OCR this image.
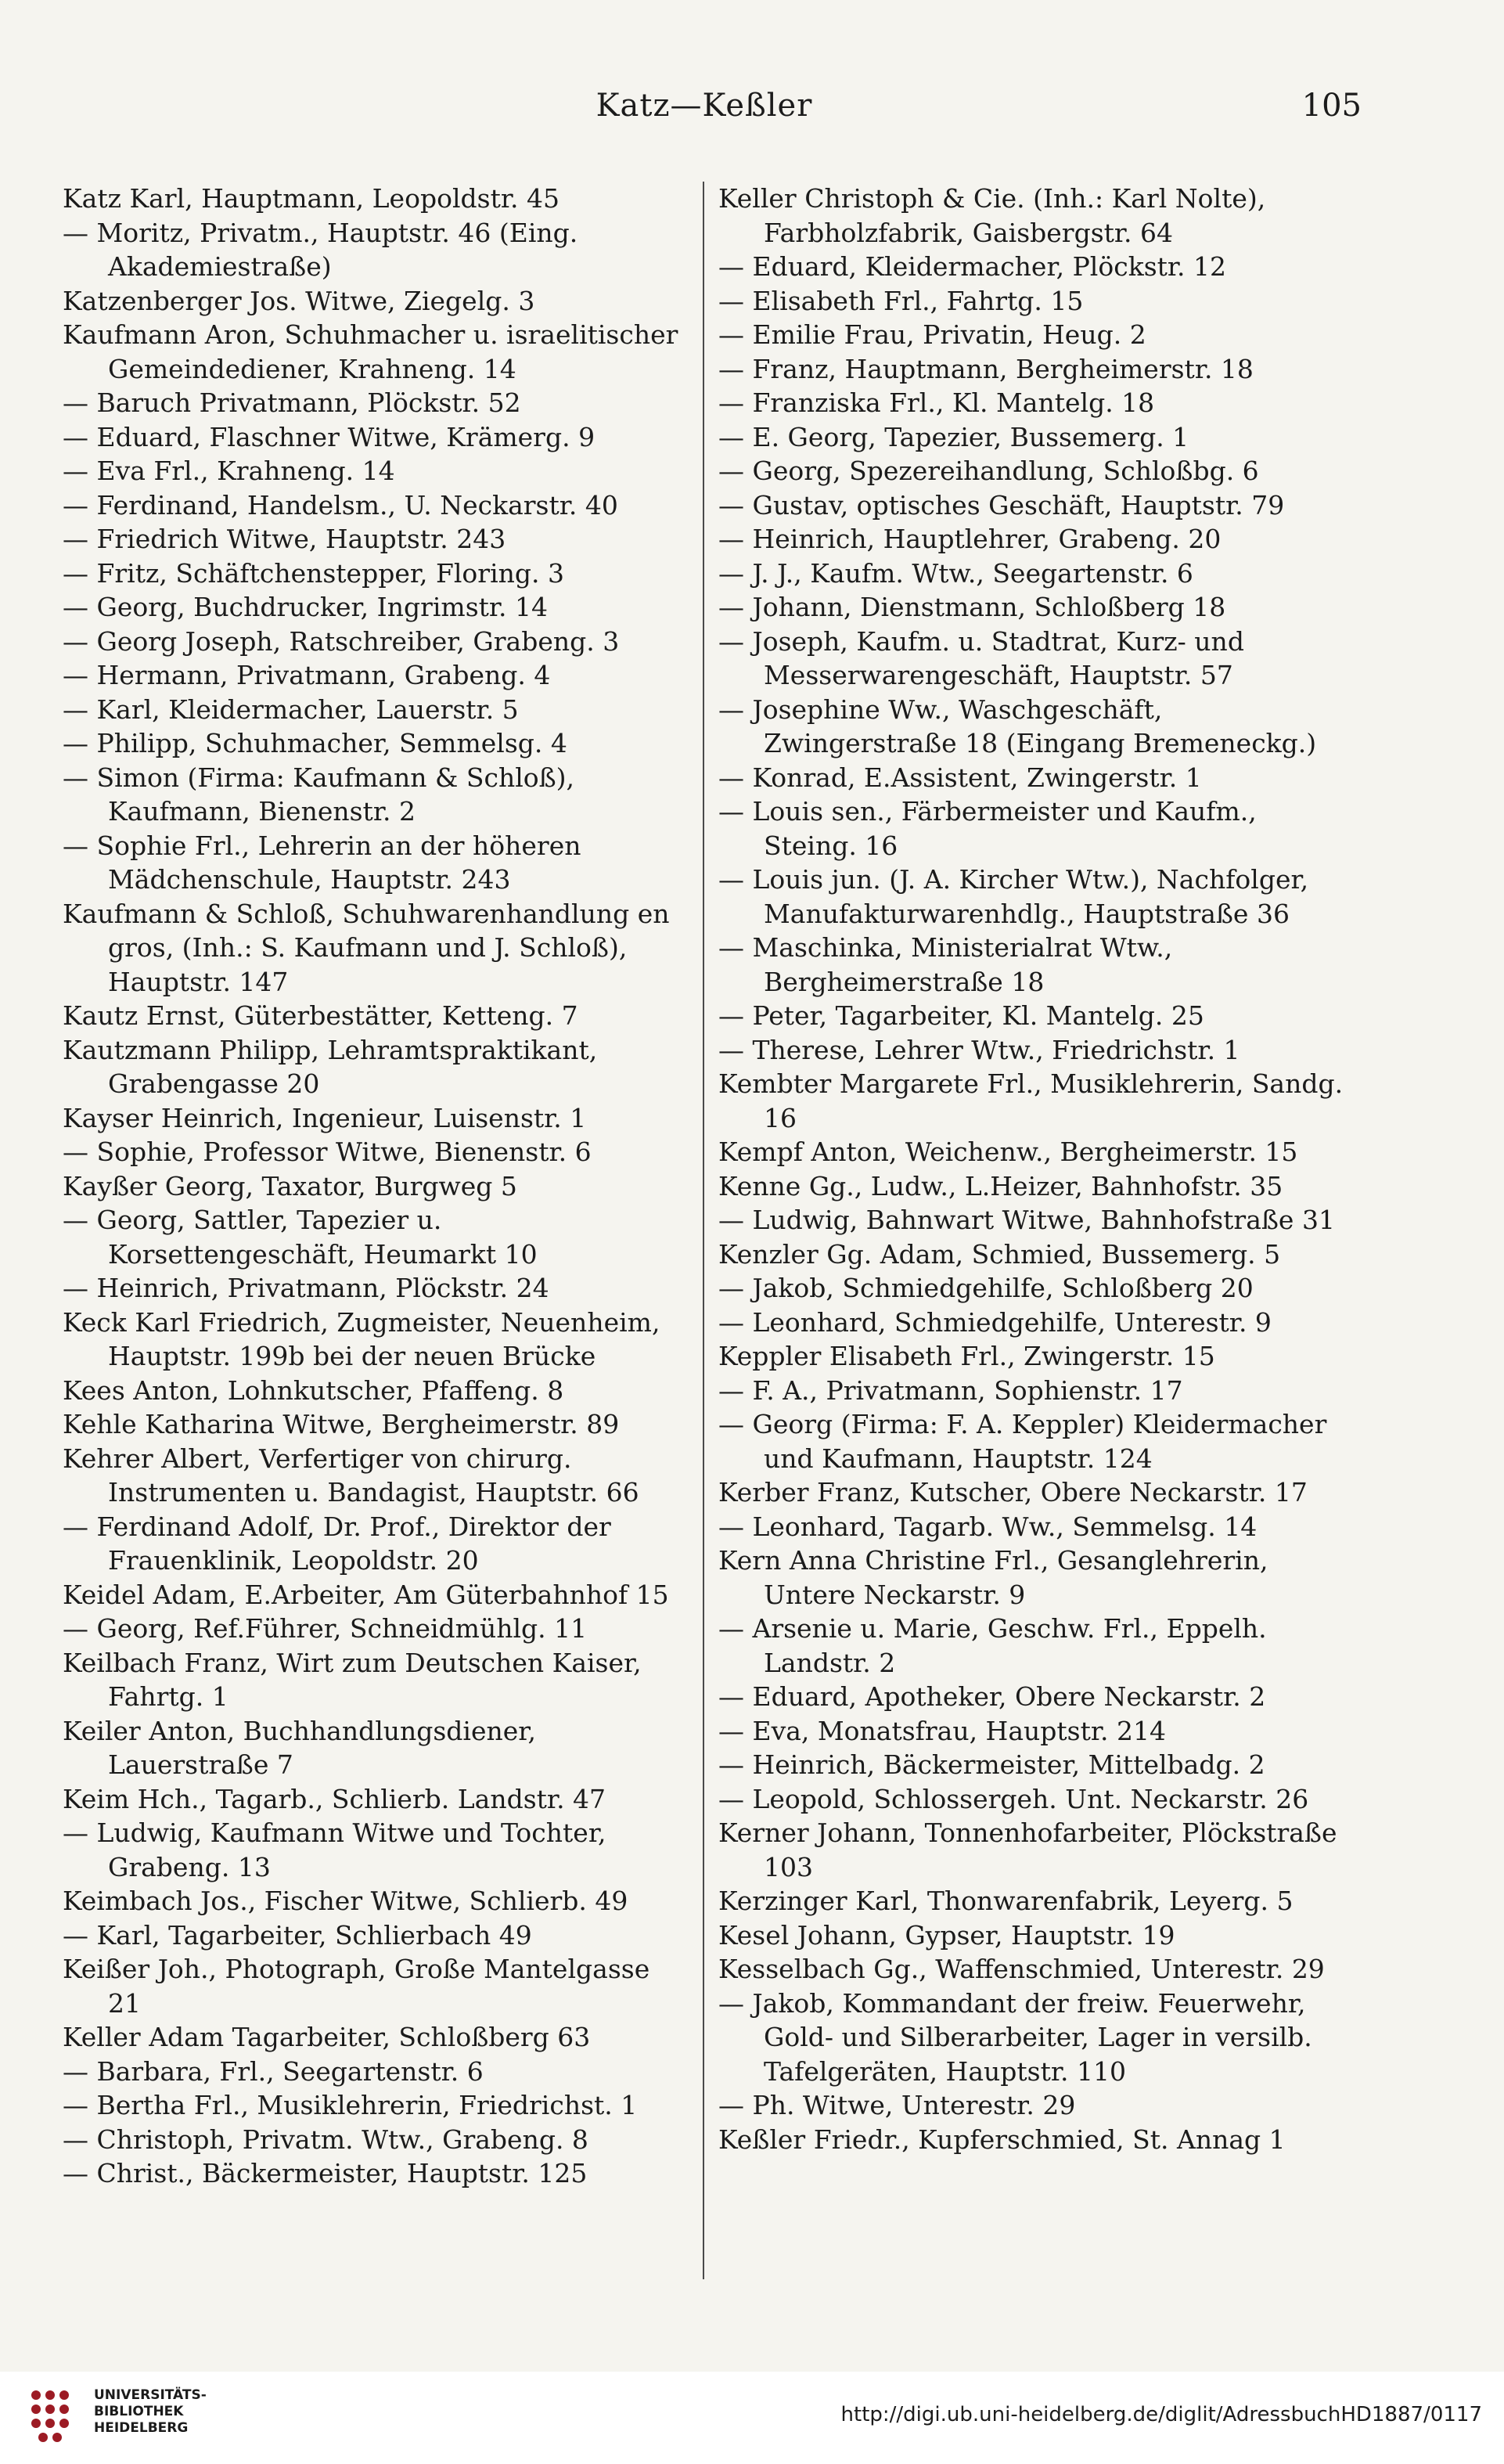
Katz—Keßler	105
Katz Karl, Hauptmann, Leopoldstr. 45
— Moritz, Privatm., Hauptstr. 46 (Eing. Akademiestraße)
Katzenberger Jos. Witwe, Ziegelg. 3
Kaufmann Aron, Schuhmacher u. israelitischer Gemeindediener, Krahneng. 14
— Baruch Privatmann, Plöckstr. 52
— Eduard, Flaschner Witwe, Krämerg. 9
— Eva Frl., Krahneng. 14
— Ferdinand, Handelsm., U. Neckarstr. 40
— Friedrich Witwe, Hauptstr. 243
— Fritz, Schäftchenstepper, Floring. 3
— Georg, Buchdrucker, Ingrimstr. 14
— Georg Joseph, Ratschreiber, Grabeng. 3
— Hermann, Privatmann, Grabeng. 4
— Karl, Kleidermacher, Lauerstr. 5
— Philipp, Schuhmacher, Semmelsg. 4
— Simon (Firma: Kaufmann & Schloß), Kaufmann, Bienenstr. 2
— Sophie Frl., Lehrerin an der höheren Mädchenschule, Hauptstr. 243
Kaufmann & Schloß, Schuhwarenhandlung en gros, (Inh.: S. Kaufmann und J. Schloß), Hauptstr. 147
Kautz Ernst, Güterbestätter, Ketteng. 7
Kautzmann Philipp, Lehramtspraktikant, Grabengasse 20
Kayser Heinrich, Ingenieur, Luisenstr. 1
— Sophie, Professor Witwe, Bienenstr. 6
Kayßer Georg, Taxator, Burgweg 5
— Georg, Sattler, Tapezier u. Korsettengeschäft, Heumarkt 10
— Heinrich, Privatmann, Plöckstr. 24
Keck Karl Friedrich, Zugmeister, Neuenheim, Hauptstr. 199b bei der neuen Brücke
Kees Anton, Lohnkutscher, Pfaffeng. 8
Kehle Katharina Witwe, Bergheimerstr. 89
Kehrer Albert, Verfertiger von chirurg. Instrumenten u. Bandagist, Hauptstr. 66
— Ferdinand Adolf, Dr. Prof., Direktor der Frauenklinik, Leopoldstr. 20
Keidel Adam, E.Arbeiter, Am Güterbahnhof 15
— Georg, Ref.Führer, Schneidmühlg. 11
Keilbach Franz, Wirt zum Deutschen Kaiser, Fahrtg. 1
Keiler Anton, Buchhandlungsdiener, Lauerstraße 7
Keim Hch., Tagarb., Schlierb. Landstr. 47
— Ludwig, Kaufmann Witwe und Tochter, Grabeng. 13
Keimbach Jos., Fischer Witwe, Schlierb. 49
— Karl, Tagarbeiter, Schlierbach 49
Keißer Joh., Photograph, Große Mantelgasse 21
Keller Adam Tagarbeiter, Schloßberg 63
— Barbara, Frl., Seegartenstr. 6
— Bertha Frl., Musiklehrerin, Friedrichst. 1
— Christoph, Privatm. Wtw., Grabeng. 8
— Christ., Bäckermeister, Hauptstr. 125
Keller Christoph & Cie. (Inh.: Karl Nolte), Farbholzfabrik, Gaisbergstr. 64
— Eduard, Kleidermacher, Plöckstr. 12
— Elisabeth Frl., Fahrtg. 15
— Emilie Frau, Privatin, Heug. 2
— Franz, Hauptmann, Bergheimerstr. 18
— Franziska Frl., Kl. Mantelg. 18
— E. Georg, Tapezier, Bussemerg. 1
— Georg, Spezereihandlung, Schloßbg. 6
— Gustav, optisches Geschäft, Hauptstr. 79
— Heinrich, Hauptlehrer, Grabeng. 20
— J. J., Kaufm. Wtw., Seegartenstr. 6
— Johann, Dienstmann, Schloßberg 18
— Joseph, Kaufm. u. Stadtrat, Kurz- und Messerwarengeschäft, Hauptstr. 57
— Josephine Ww., Waschgeschäft, Zwingerstraße 18 (Eingang Bremeneckg.)
— Konrad, E.Assistent, Zwingerstr. 1
— Louis sen., Färbermeister und Kaufm., Steing. 16
— Louis jun. (J. A. Kircher Wtw.), Nachfolger, Manufakturwarenhdlg., Hauptstraße 36
— Maschinka, Ministerialrat Wtw., Bergheimerstraße 18
— Peter, Tagarbeiter, Kl. Mantelg. 25
— Therese, Lehrer Wtw., Friedrichstr. 1
Kembter Margarete Frl., Musiklehrerin, Sandg. 16
Kempf Anton, Weichenw., Bergheimerstr. 15
Kenne Gg., Ludw., L.Heizer, Bahnhofstr. 35
— Ludwig, Bahnwart Witwe, Bahnhofstraße 31
Kenzler Gg. Adam, Schmied, Bussemerg. 5
— Jakob, Schmiedgehilfe, Schloßberg 20
— Leonhard, Schmiedgehilfe, Unterestr. 9
Keppler Elisabeth Frl., Zwingerstr. 15
— F. A., Privatmann, Sophienstr. 17
— Georg (Firma: F. A. Keppler) Kleidermacher und Kaufmann, Hauptstr. 124
Kerber Franz, Kutscher, Obere Neckarstr. 17
— Leonhard, Tagarb. Ww., Semmelsg. 14
Kern Anna Christine Frl., Gesanglehrerin, Untere Neckarstr. 9
— Arsenie u. Marie, Geschw. Frl., Eppelh. Landstr. 2
— Eduard, Apotheker, Obere Neckarstr. 2
— Eva, Monatsfrau, Hauptstr. 214
— Heinrich, Bäckermeister, Mittelbadg. 2
— Leopold, Schlossergeh. Unt. Neckarstr. 26
Kerner Johann, Tonnenhofarbeiter, Plöckstraße 103
Kerzinger Karl, Thonwarenfabrik, Leyerg. 5
Kesel Johann, Gypser, Hauptstr. 19
Kesselbach Gg., Waffenschmied, Unterestr. 29
— Jakob, Kommandant der freiw. Feuerwehr, Gold- und Silberarbeiter, Lager in versilb. Tafelgeräten, Hauptstr. 110
— Ph. Witwe, Unterestr. 29
Keßler Friedr., Kupferschmied, St. Annag 1
UNIVERSITÄTS-
BIBLIOTHEK
HEIDELBERG
http://digi.ub.uni-heidelberg.de/diglit/AdressbuchHD1887/0117
